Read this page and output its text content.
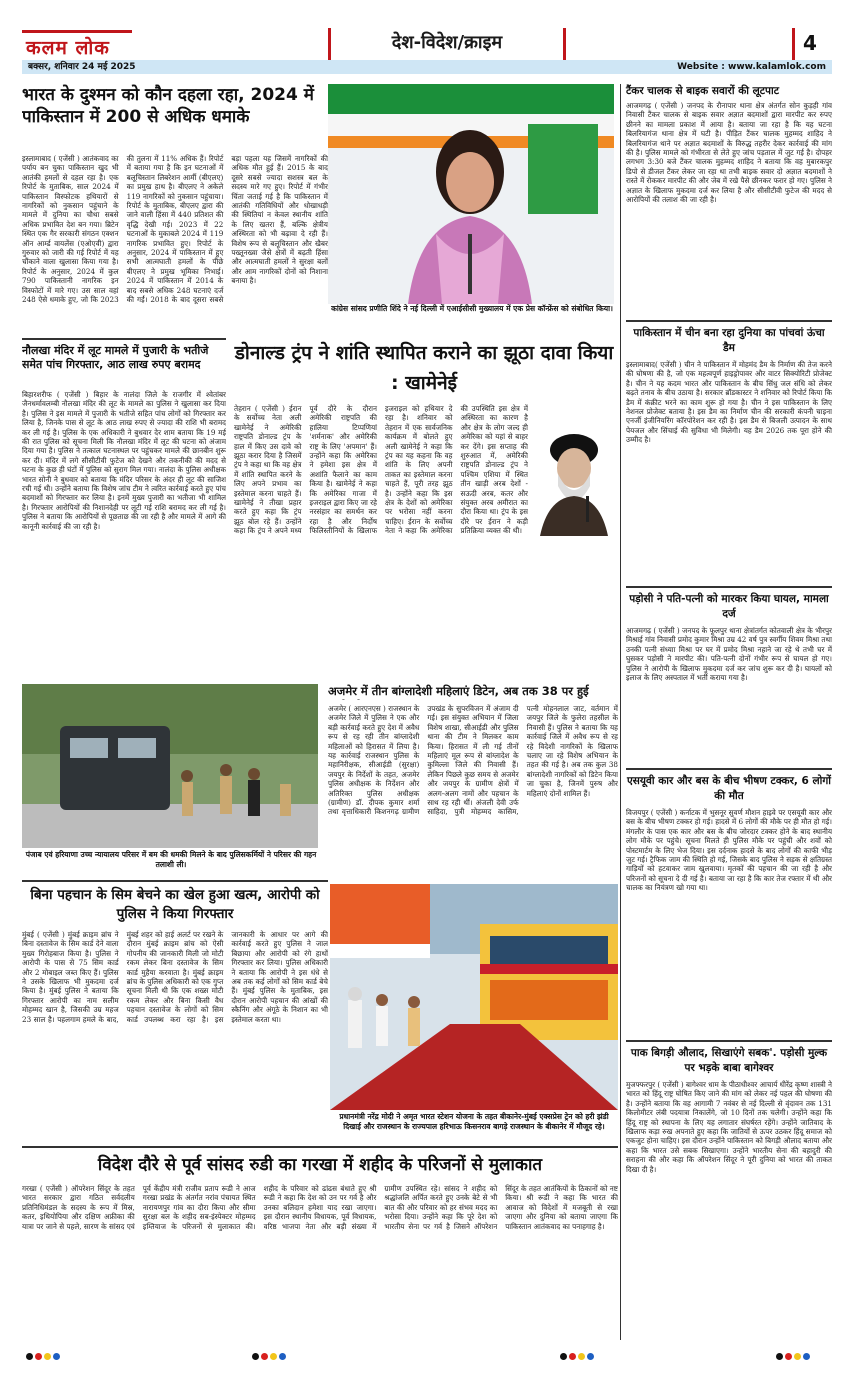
कलम लोक	देश-विदेश/क्राइम	4
बक्सर, शनिवार 24 मई 2025	Website : www.kalamlok.com
भारत के दुश्मन को कौन दहला रहा, 2024 में पाकिस्तान में 200 से अधिक धमाके
इस्लामाबाद ( एजेंसी ) आतंकवाद का पर्याय बन चुका पाकिस्तान खुद भी आतंकी हमलों से दहल रहा है। एक रिपोर्ट के मुताबिक, साल 2024 में पाकिस्तान विस्फोटक हथियारों से नागरिकों को नुकसान पहुंचाने के मामले में दुनिया का चौथा सबसे अधिक प्रभावित देश बन गया। ब्रिटेन स्थित एक गैर सरकारी संगठन एक्शन ऑन आर्म्ड वायलेंस (एओएवी) द्वारा गुरुवार को जारी की गई रिपोर्ट में यह चौंकाने वाला खुलासा किया गया है। रिपोर्ट के अनुसार, 2024 में कुल 790 पाकिस्तानी नागरिक इन विस्फोटों में मारे गए। उस साल वहां 248 ऐसे धमाके हुए, जो कि 2023 की तुलना में 11% अधिक हैं। रिपोर्ट में बताया गया है कि इन घटनाओं में बलूचिस्तान लिबरेशन आर्मी (बीएलए) का प्रमुख हाथ है। बीएलए ने अकेले 119 नागरिकों को नुकसान पहुंचाया। रिपोर्ट के मुताबिक, बीएलए द्वारा की जाने वाली हिंसा में 440 प्रतिशत की वृद्धि देखी गई। 2023 में 22 घटनाओं के मुकाबले 2024 में 119 नागरिक प्रभावित हुए। रिपोर्ट के अनुसार, 2024 में पाकिस्तान में हुए सभी आत्मघाती हमलों के पीछे बीएलए ने प्रमुख भूमिका निभाई। 2024 में पाकिस्तान में 2014 के बाद सबसे अधिक 248 घटनाएं दर्ज की गईं। 2018 के बाद दूसरा सबसे बड़ा पहला यह जिसमें नागरिकों की अधिक मौत हुई हैं। 2015 के बाद दूसरे सबसे ज्यादा सशस्त्र बल के सदस्य मारे गए हुए। रिपोर्ट में गंभीर चिंता जताई गई है कि पाकिस्तान में आतंकी गतिविधियों और धोखाधड़ी की स्थितियां न केवल स्थानीय शांति के लिए खतरा हैं, बल्कि क्षेत्रीय अस्थिरता को भी बढ़ावा दे रही हैं। विशेष रूप से बलूचिस्तान और खैबर पख्तूनख्वा जैसे क्षेत्रों में बढ़ती हिंसा और आत्मघाती हमलों ने सुरक्षा बलों और आम नागरिकों दोनों को निशाना बनाया है।
कांग्रेस सांसद प्रणीति शिंदे ने नई दिल्ली में एआईसीसी मुख्यालय में एक प्रेस कॉन्फ्रेंस को संबोधित किया।
नौलखा मंदिर में लूट मामले में पुजारी के भतीजे समेत पांच गिरफ्तार, आठ लाख रुपए बरामद
बिहारशरीफ ( एजेंसी ) बिहार के नालंदा जिले के राजगीर में श्वेतांबर जैनधर्मावलम्बी नौलखा मंदिर की लूट के मामले का पुलिस ने खुलासा कर दिया है। पुलिस ने इस मामले में पुजारी के भतीजे सहित पांच लोगों को गिरफ्तार कर लिया है, जिनके पास से लूट के आठ लाख रुपए से ज्यादा की राशि भी बरामद कर ली गई है। पुलिस के एक अधिकारी ने बुधवार देर शाम बताया कि 19 मई की रात पुलिस को सूचना मिली कि नौलखा मंदिर में लूट की घटना को अंजाम दिया गया है। पुलिस ने तत्काल घटनास्थल पर पहुंचकर मामले की छानबीन शुरू कर दी। मंदिर में लगे सीसीटीवी फुटेज को देखने और तकनीकी की मदद से घटना के कुछ ही घंटों में पुलिस को सुराग मिल गया। नालंदा के पुलिस अधीक्षक भारत सोनी ने बुधवार को बताया कि मंदिर परिसर के अंदर ही लूट की साजिश रची गई थी। उन्होंने बताया कि विशेष जांच टीम ने त्वरित कार्रवाई करते हुए पांच बदमाशों को गिरफ्तार कर लिया है। इनमें मुख्य पुजारी का भतीजा भी शामिल है। गिरफ्तार आरोपियों की निशानदेही पर लूटी गई राशि बरामद कर ली गई है। पुलिस ने बताया कि आरोपियों से पूछताछ की जा रही है और मामले में आगे की कानूनी कार्रवाई की जा रही है।
डोनाल्ड ट्रंप ने शांति स्थापित कराने का झूठा दावा किया : खामेनेई
तेहरान ( एजेंसी ) ईरान के सर्वोच्च नेता अली खामेनेई ने अमेरिकी राष्ट्रपति डोनाल्ड ट्रंप के हाल में किए उस दावे को झूठा करार दिया है जिसमें ट्रंप ने कहा था कि वह क्षेत्र में शांति स्थापित करने के लिए अपने प्रभाव का इस्तेमाल करना चाहते हैं। खामेनेई ने तीखा प्रहार करते हुए कहा कि ट्रंप झूठ बोल रहे हैं। उन्होंने कहा कि ट्रंप ने अपने मध्य पूर्व दौरे के दौरान अमेरिकी राष्ट्रपति की हालिया टिप्पणियां 'शर्मनाक' और अमेरिकी राष्ट्र के लिए 'अपमान' हैं। उन्होंने कहा कि अमेरिका ने हमेशा इस क्षेत्र में अशांति फैलाने का काम किया है। खामेनेई ने कहा कि अमेरिका गाजा में इजराइल द्वारा किए जा रहे नरसंहार का समर्थन कर रहा है और निर्दोष फिलिस्तीनियों के खिलाफ इजराइल को हथियार दे रहा है। शनिवार को तेहरान में एक सार्वजनिक कार्यक्रम में बोलते हुए अली खामेनेई ने कहा कि ट्रंप का यह कहना कि वह शांति के लिए अपनी ताकत का इस्तेमाल करना चाहते हैं, पूरी तरह झूठ है। उन्होंने कहा कि इस क्षेत्र के देशों को अमेरिका पर भरोसा नहीं करना चाहिए। ईरान के सर्वोच्च नेता ने कहा कि अमेरिका की उपस्थिति इस क्षेत्र में अस्थिरता का कारण है और क्षेत्र के लोग जल्द ही अमेरिका को यहां से बाहर कर देंगे। इस सप्ताह की शुरुआत में, अमेरिकी राष्ट्रपति डोनाल्ड ट्रंप ने पश्चिम एशिया में स्थित तीन खाड़ी अरब देशों - सऊदी अरब, कतर और संयुक्त अरब अमीरात का दौरा किया था। ट्रंप के इस दौरे पर ईरान ने कड़ी प्रतिक्रिया व्यक्त की थी।
पंजाब एवं हरियाणा उच्च न्यायालय परिसर में बम की धमकी मिलने के बाद पुलिसकर्मियों ने परिसर की गहन तलाशी ली।
अजमेर में तीन बांग्लादेशी महिलाएं डिटेन, अब तक 38 पर हुई
अजमेर ( आरएनएस ) राजस्थान के अजमेर जिले में पुलिस ने एक और बड़ी कार्रवाई करते हुए देश में अवैध रूप से रह रही तीन बांग्लादेशी महिलाओं को हिरासत में लिया है। यह कार्रवाई राजस्थान पुलिस के महानिरीक्षक, सीआईडी (सुरक्षा) जयपुर के निर्देशों के तहत, अजमेर पुलिस अधीक्षक के निर्देशन और अतिरिक्त पुलिस अधीक्षक (ग्रामीण) डॉ. दीपक कुमार शर्मा तथा वृत्ताधिकारी किशनगढ़ ग्रामीण उपखंड के सुपरविजन में अंजाम दी गई। इस संयुक्त अभियान में जिला विशेष शाखा, सीआईडी और पुलिस थाना की टीम ने मिलकर काम किया। हिरासत में ली गई तीनों महिलाएं मूल रूप से बांग्लादेश के कुमिल्ला जिले की निवासी हैं। लेकिन पिछले कुछ समय से अजमेर और जयपुर के ग्रामीण क्षेत्रों में अलग-अलग नामों और पहचान के साथ रह रही थीं। अंजली देवी उर्फ साहिदा, पुत्री मोहम्मद कासिम, पत्नी मोहनलाल जाट, वर्तमान में जयपुर जिले के फुलेरा तहसील के निवासी हैं। पुलिस ने बताया कि यह कार्रवाई जिले में अवैध रूप से रह रहे विदेशी नागरिकों के खिलाफ चलाए जा रहे विशेष अभियान के तहत की गई है। अब तक कुल 38 बांग्लादेशी नागरिकों को डिटेन किया जा चुका है, जिनमें पुरुष और महिलाएं दोनों शामिल हैं।
बिना पहचान के सिम बेचने का खेल हुआ खत्म, आरोपी को पुलिस ने किया गिरफ्तार
मुंबई ( एजेंसी ) मुंबई क्राइम ब्रांच ने बिना दस्तावेज के सिम कार्ड देने वाला मुख्य गिरोहबाज किया है। पुलिस ने आरोपी के पास से 75 सिम कार्ड और 2 मोबाइल जब्त किए हैं। पुलिस ने उसके खिलाफ भी मुकदमा दर्ज किया है। मुंबई पुलिस ने बताया कि गिरफ्तार आरोपी का नाम सलीम मोहम्मद खान है, जिसकी उम्र महज 23 साल है। पहलगाम हमले के बाद, मुंबई शहर को हाई अलर्ट पर रखने के दौरान मुंबई क्राइम ब्रांच को ऐसी गोपनीय की जानकारी मिली जो मोटी रकम लेकर बिना दस्तावेज के सिम कार्ड मुहैया करवाता है। मुंबई क्राइम ब्रांच के पुलिस अधिकारी को एक गुप्त सूचना मिली थी कि एक शख्स मोटी रकम लेकर और बिना किसी वैध पहचान दस्तावेज के लोगों को सिम कार्ड उपलब्ध करा रहा है। इस जानकारी के आधार पर आगे की कार्रवाई करते हुए पुलिस ने जाल बिछाया और आरोपी को रंगे हाथों गिरफ्तार कर लिया। पुलिस अधिकारी ने बताया कि आरोपी ने इस धंधे से अब तक कई लोगों को सिम कार्ड बेचे हैं। मुंबई पुलिस के मुताबिक, इस दौरान आरोपी पहचान की आंखों की स्कैनिंग और अंगूठे के निशान का भी इस्तेमाल करता था।
प्रधानमंत्री नरेंद्र मोदी ने अमृत भारत स्टेशन योजना के तहत बीकानेर-मुंबई एक्सप्रेस ट्रेन को हरी झंडी दिखाई और राजस्थान के राज्यपाल हरिभाऊ किसनराव बागड़े राजस्थान के बीकानेर में मौजूद रहे।
विदेश दौरे से पूर्व सांसद रुडी का गरखा में शहीद के परिजनों से मुलाकात
गरखा ( एजेंसी ) ऑपरेशन सिंदूर के तहत भारत सरकार द्वारा गठित सर्वदलीय प्रतिनिधिमंडल के सदस्य के रूप में मिस्र, कतर, इथियोपिया और दक्षिण अफ्रीका की यात्रा पर जाने से पहले, सारण के सांसद एवं पूर्व केंद्रीय मंत्री राजीव प्रताप रूडी ने आज गरखा प्रखंड के अंतर्गत नरांव पंचायत स्थित नारायणपुर गांव का दौरा किया और सीमा सुरक्षा बल के शहीद सब-इंस्पेक्टर मोहम्मद इम्तियाज के परिजनों से मुलाकात की। शहीद के परिवार को ढांढस बंधाते हुए श्री रूडी ने कहा कि देश को उन पर गर्व है और उनका बलिदान हमेशा याद रखा जाएगा। इस दौरान स्थानीय विधायक, पूर्व विधायक, वरिष्ठ भाजपा नेता और बड़ी संख्या में ग्रामीण उपस्थित रहे। सांसद ने शहीद को श्रद्धांजलि अर्पित करते हुए उनके बेटे से भी बात की और परिवार को हर संभव मदद का भरोसा दिया। उन्होंने कहा कि पूरे देश को भारतीय सेना पर गर्व है जिसने ऑपरेशन सिंदूर के तहत आतंकियों के ठिकानों को नष्ट किया। श्री रूडी ने कहा कि भारत की आवाज को विदेशों में मजबूती से रखा जाएगा और दुनिया को बताया जाएगा कि पाकिस्तान आतंकवाद का पनाहगाह है।
टैंकर चालक से बाइक सवारों की लूटपाट
आजमगढ़ ( एजेंसी ) जनपद के रौनापार थाना क्षेत्र अंतर्गत सोन कुड़ही गांव निवासी टैंकर चालक से बाइक सवार अज्ञात बदमाशों द्वारा मारपीट कर रुपए छीनने का मामला प्रकाश में आया है। बताया जा रहा है कि यह घटना बिलरियागंज थाना क्षेत्र में घटी है। पीड़ित टैंकर चालक मुहम्मद शाहिद ने बिलरियागंज थाने पर अज्ञात बदमाशों के विरुद्ध तहरीर देकर कार्रवाई की मांग की है। पुलिस मामले को गंभीरता से लेते हुए जांच पड़ताल में जुट गई है। दोपहर लगभग 3:30 बजे टैंकर चालक मुहम्मद शाहिद ने बताया कि वह मुबारकपुर डिपो से डीजल टैंकर लेकर जा रहा था तभी बाइक सवार दो अज्ञात बदमाशों ने रास्ते में रोककर मारपीट की और जेब में रखे पैसे छीनकर फरार हो गए। पुलिस ने अज्ञात के खिलाफ मुकदमा दर्ज कर लिया है और सीसीटीवी फुटेज की मदद से आरोपियों की तलाश की जा रही है।
पाकिस्तान में चीन बना रहा दुनिया का पांचवां ऊंचा डैम
इस्लामाबाद( एजेंसी ) चीन ने पाकिस्तान में मोहमंद डैम के निर्माण की तेज करने की घोषणा की है, जो एक महत्वपूर्ण हाइड्रोपावर और वाटर सिक्योरिटी प्रोजेक्ट है। चीन ने यह कदम भारत और पाकिस्तान के बीच सिंधु जल संधि को लेकर बढ़ते तनाव के बीच उठाया है। सरकार ब्रॉडकास्टर ने शनिवार को रिपोर्ट किया कि डैम में कंक्रीट भरने का काम शुरू हो गया है। चीन ने इस पाकिस्तान के लिए नेशनल प्रोजेक्ट बताया है। इस डैम का निर्माण चीन की सरकारी कंपनी चाइना एनर्जी इंजीनियरिंग कॉरपोरेशन कर रही है। इस डैम से बिजली उत्पादन के साथ पेयजल और सिंचाई की सुविधा भी मिलेगी। यह डैम 2026 तक पूरा होने की उम्मीद है।
पड़ोसी ने पति-पत्नी को मारकर किया घायल, मामला दर्ज
आजमगढ़ ( एजेंसी ) जनपद के फूलपुर थाना क्षेत्रांतर्गत कोतवाली क्षेत्र के भीरपुर मिश्राई गांव निवासी प्रमोद कुमार मिश्रा उम्र 42 वर्ष पुत्र स्वर्गीय शिवम मिश्रा तथा उनकी पत्नी संध्याा मिश्रा पर घर में प्रमोद मिश्रा नहाने जा रहे थे तभी घर में घुसकर पड़ोसी ने मारपीट की। पति-पत्नी दोनों गंभीर रूप से घायल हो गए। पुलिस ने आरोपी के खिलाफ मुकदमा दर्ज कर जांच शुरू कर दी है। घायलों को इलाज के लिए अस्पताल में भर्ती कराया गया है।
एसयूवी कार और बस के बीच भीषण टक्कर, 6 लोगों की मौत
विजयपुर ( एजेंसी ) कर्नाटक में भुसनूर सुवर्ण मौशन हाइवे पर एसयूवी कार और बस के बीच भीषण टक्कर हो गई। हादसे में 6 लोगों की मौके पर ही मौत हो गई। मंगलौर के पास एक कार और बस के बीच जोरदार टक्कर होने के बाद स्थानीय लोग मौके पर पहुंचे। सूचना मिलते ही पुलिस मौके पर पहुंची और शवों को पोस्टमार्टम के लिए भेज दिया। इस दर्दनाक हादसे के बाद लोगों की काफी भीड़ जुट गई। ट्रैफिक जाम की स्थिति हो गई, जिसके बाद पुलिस ने सड़क से क्षतिग्रस्त गाड़ियों को हटवाकर जाम खुलवाया। मृतकों की पहचान की जा रही है और परिजनों को सूचना दे दी गई है। बताया जा रहा है कि कार तेज रफ्तार में थी और चालक का नियंत्रण खो गया था।
पाक बिगड़ी औलाद, सिखाएंगे सबक'. पड़ोसी मुल्क पर भड़के बाबा बागेश्वर
मुजफ्फरपुर ( एजेंसी ) बागेश्वर धाम के पीठाधीश्वर आचार्य धीरेंद्र कृष्ण शास्त्री ने भारत को हिंदू राष्ट्र घोषित किए जाने की मांग को लेकर नई पहल की घोषणा की है। उन्होंने बताया कि वह आगामी 7 नवंबर से नई दिल्ली से वृंदावन तक 131 किलोमीटर लंबी पदयात्रा निकालेंगे, जो 10 दिनों तक चलेगी। उन्होंने कहा कि हिंदू राष्ट्र को स्थापना के लिए यह लगातार संघर्षरत रहेंगे। उन्होंने जातिवाद के खिलाफ कड़ा रुख अपनाते हुए कहा कि जातियों से ऊपर उठकर हिंदू समाज को एकजुट होना चाहिए। इस दौरान उन्होंने पाकिस्तान को बिगड़ी औलाद बताया और कहा कि भारत उसे सबक सिखाएगा। उन्होंने भारतीय सेना की बहादुरी की सराहना की और कहा कि ऑपरेशन सिंदूर ने पूरी दुनिया को भारत की ताकत दिखा दी है।
